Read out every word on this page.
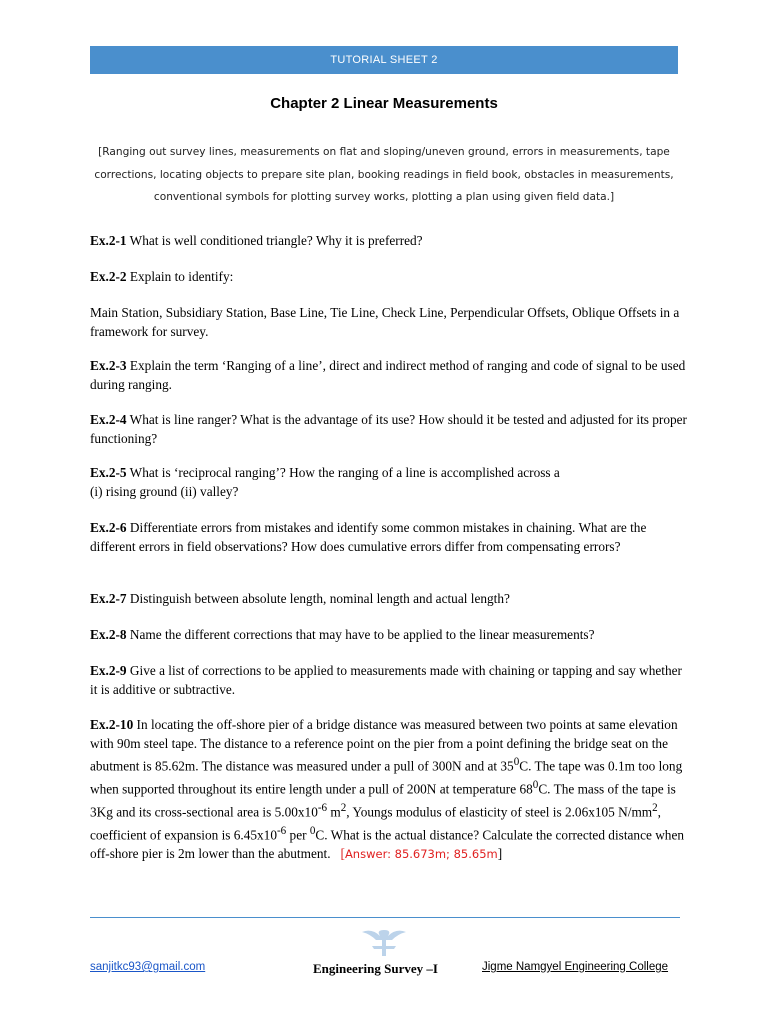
TUTORIAL SHEET 2
Chapter 2 Linear Measurements
[Ranging out survey lines, measurements on flat and sloping/uneven ground, errors in measurements, tape corrections, locating objects to prepare site plan, booking readings in field book, obstacles in measurements, conventional symbols for plotting survey works, plotting a plan using given field data.]
Ex.2-1 What is well conditioned triangle? Why it is preferred?
Ex.2-2 Explain to identify:
Main Station, Subsidiary Station, Base Line, Tie Line, Check Line, Perpendicular Offsets, Oblique Offsets in a framework for survey.
Ex.2-3 Explain the term ‘Ranging of a line’, direct and indirect method of ranging and code of signal to be used during ranging.
Ex.2-4 What is line ranger? What is the advantage of its use? How should it be tested and adjusted for its proper functioning?
Ex.2-5 What is ‘reciprocal ranging’? How the ranging of a line is accomplished across a
(i) rising ground (ii) valley?
Ex.2-6 Differentiate errors from mistakes and identify some common mistakes in chaining. What are the different errors in field observations? How does cumulative errors differ from compensating errors?
Ex.2-7 Distinguish between absolute length, nominal length and actual length?
Ex.2-8 Name the different corrections that may have to be applied to the linear measurements?
Ex.2-9 Give a list of corrections to be applied to measurements made with chaining or tapping and say whether it is additive or subtractive.
Ex.2-10 In locating the off-shore pier of a bridge distance was measured between two points at same elevation with 90m steel tape. The distance to a reference point on the pier from a point defining the bridge seat on the abutment is 85.62m. The distance was measured under a pull of 300N and at $35^0C$. The tape was 0.1m too long when supported throughout its entire length under a pull of 200N at temperature $68^0C$. The mass of the tape is 3Kg and its cross-sectional area is $5.00x10^{-6}$ $m^2$, Youngs modulus of elasticity of steel is 2.06x105 $N/mm^2$, coefficient of expansion is $6.45x10^{-6}$ per $^0$C. What is the actual distance? Calculate the corrected distance when off-shore pier is 2m lower than the abutment. [Answer: 85.673m; 85.65m]
sanjitkc93@gmail.com	Engineering Survey –I	Jigme Namgyel Engineering College
